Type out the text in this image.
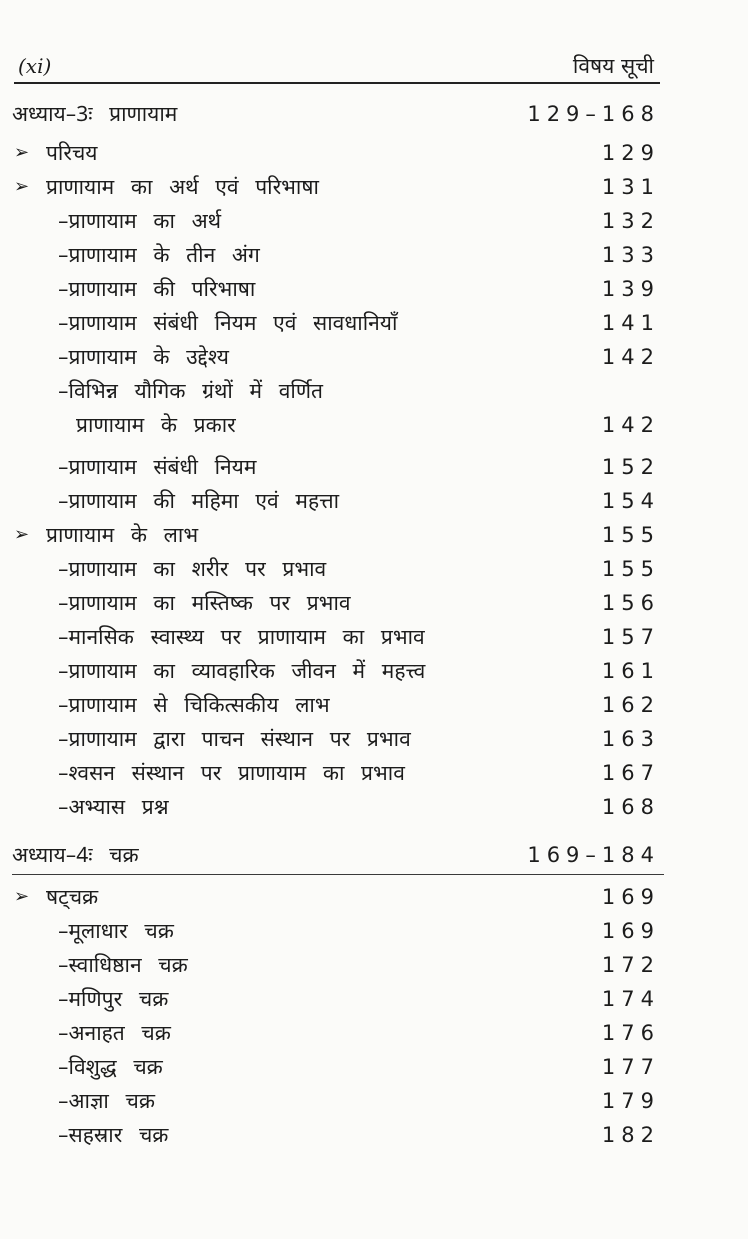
(xi)	विषय सूची
अध्याय–3ः प्राणायाम	129–168
➢ परिचय	129
➢ प्राणायाम का अर्थ एवं परिभाषा	131
–प्राणायाम का अर्थ	132
–प्राणायाम के तीन अंग	133
–प्राणायाम की परिभाषा	139
–प्राणायाम संबंधी नियम एवं सावधानियाँ	141
–प्राणायाम के उद्देश्य	142
–विभिन्न यौगिक ग्रंथों में वर्णित
प्राणायाम के प्रकार	142
–प्राणायाम संबंधी नियम	152
–प्राणायाम की महिमा एवं महत्ता	154
➢ प्राणायाम के लाभ	155
–प्राणायाम का शरीर पर प्रभाव	155
–प्राणायाम का मस्तिष्क पर प्रभाव	156
–मानसिक स्वास्थ्य पर प्राणायाम का प्रभाव	157
–प्राणायाम का व्यावहारिक जीवन में महत्त्व	161
–प्राणायाम से चिकित्सकीय लाभ	162
–प्राणायाम द्वारा पाचन संस्थान पर प्रभाव	163
–श्वसन संस्थान पर प्राणायाम का प्रभाव	167
–अभ्यास प्रश्न	168
अध्याय–4ः चक्र	169–184
➢ षट्चक्र	169
–मूलाधार चक्र	169
–स्वाधिष्ठान चक्र	172
–मणिपुर चक्र	174
–अनाहत चक्र	176
–विशुद्ध चक्र	177
–आज्ञा चक्र	179
–सहस्रार चक्र	182
